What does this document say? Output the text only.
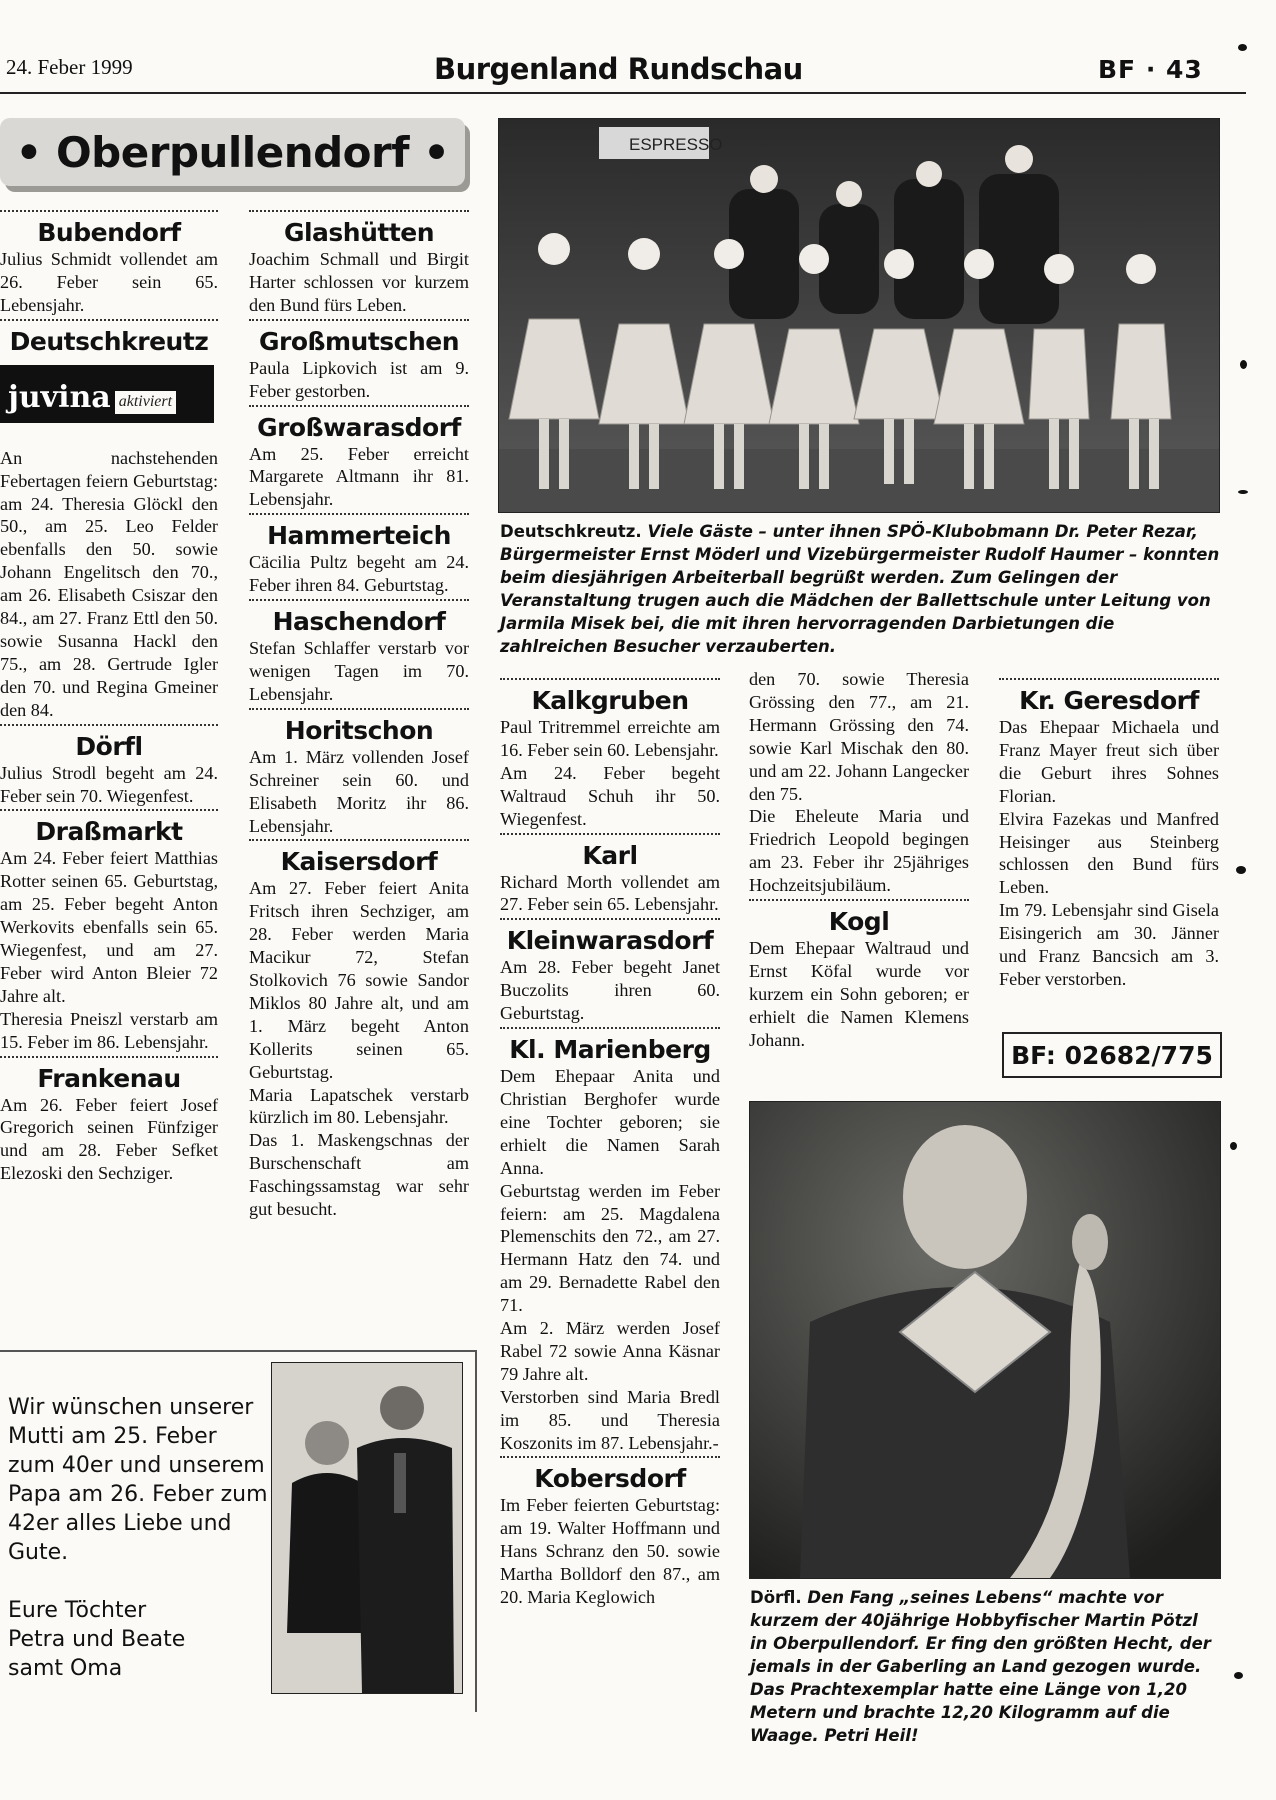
24. Feber 1999	Burgenland Rundschau	BF · 43
• Oberpullendorf •
Bubendorf

Julius Schmidt vollendet am 26. Feber sein 65. Lebensjahr.

Deutschkreutz
juvina aktiviert

An nachstehenden Febertagen feiern Geburtstag: am 24. Theresia Glöckl den 50., am 25. Leo Felder ebenfalls den 50. sowie Johann Engelitsch den 70., am 26. Elisabeth Csiszar den 84., am 27. Franz Ettl den 50. sowie Susanna Hackl den 75., am 28. Gertrude Igler den 70. und Regina Gmeiner den 84.

Dörfl

Julius Strodl begeht am 24. Feber sein 70. Wiegenfest.

Draßmarkt

Am 24. Feber feiert Matthias Rotter seinen 65. Geburtstag, am 25. Feber begeht Anton Werkovits ebenfalls sein 65. Wiegenfest, und am 27. Feber wird Anton Bleier 72 Jahre alt.

Theresia Pneiszl verstarb am 15. Feber im 86. Lebensjahr.

Frankenau

Am 26. Feber feiert Josef Gregorich seinen Fünfziger und am 28. Feber Sefket Elezoski den Sechziger.

Glashütten

Joachim Schmall und Birgit Harter schlossen vor kurzem den Bund fürs Leben.

Großmutschen

Paula Lipkovich ist am 9. Feber gestorben.

Großwarasdorf

Am 25. Feber erreicht Margarete Altmann ihr 81. Lebensjahr.

Hammerteich

Cäcilia Pultz begeht am 24. Feber ihren 84. Geburtstag.

Haschendorf

Stefan Schlaffer verstarb vor wenigen Tagen im 70. Lebensjahr.

Horitschon

Am 1. März vollenden Josef Schreiner sein 60. und Elisabeth Moritz ihr 86. Lebensjahr.

Kaisersdorf

Am 27. Feber feiert Anita Fritsch ihren Sechziger, am 28. Feber werden Maria Macikur 72, Stefan Stolkovich 76 sowie Sandor Miklos 80 Jahre alt, und am 1. März begeht Anton Kollerits seinen 65. Geburtstag.

Maria Lapatschek verstarb kürzlich im 80. Lebensjahr.

Das 1. Maskengschnas der Burschenschaft am Faschingssamstag war sehr gut besucht.

ESPRESSO
Deutschkreutz. Viele Gäste – unter ihnen SPÖ-Klubobmann Dr. Peter Rezar, Bürgermeister Ernst Möderl und Vizebürgermeister Rudolf Haumer – konnten beim diesjährigen Arbeiterball begrüßt werden. Zum Gelingen der Veranstaltung trugen auch die Mädchen der Ballettschule unter Leitung von Jarmila Misek bei, die mit ihren hervorragenden Darbietungen die zahlreichen Besucher verzauberten.
Kalkgruben

Paul Tritremmel erreichte am 16. Feber sein 60. Lebensjahr.

Am 24. Feber begeht Waltraud Schuh ihr 50. Wiegenfest.

Karl

Richard Morth vollendet am 27. Feber sein 65. Lebensjahr.

Kleinwarasdorf

Am 28. Feber begeht Janet Buczolits ihren 60. Geburtstag.

Kl. Marienberg

Dem Ehepaar Anita und Christian Berghofer wurde eine Tochter geboren; sie erhielt die Namen Sarah Anna.

Geburtstag werden im Feber feiern: am 25. Magdalena Plemenschits den 72., am 27. Hermann Hatz den 74. und am 29. Bernadette Rabel den 71.

Am 2. März werden Josef Rabel 72 sowie Anna Käsnar 79 Jahre alt.

Verstorben sind Maria Bredl im 85. und Theresia Koszonits im 87. Lebensjahr.-

Kobersdorf

Im Feber feierten Geburtstag: am 19. Walter Hoffmann und Hans Schranz den 50. sowie Martha Bolldorf den 87., am 20. Maria Keglowich

den 70. sowie Theresia Grössing den 77., am 21. Hermann Grössing den 74. sowie Karl Mischak den 80. und am 22. Johann Langecker den 75.

Die Eheleute Maria und Friedrich Leopold begingen am 23. Feber ihr 25jähriges Hochzeitsjubiläum.

Kogl

Dem Ehepaar Waltraud und Ernst Köfal wurde vor kurzem ein Sohn geboren; er erhielt die Namen Klemens Johann.

Kr. Geresdorf

Das Ehepaar Michaela und Franz Mayer freut sich über die Geburt ihres Sohnes Florian.

Elvira Fazekas und Manfred Heisinger aus Steinberg schlossen den Bund fürs Leben.

Im 79. Lebensjahr sind Gisela Eisingerich am 30. Jänner und Franz Bancsich am 3. Feber verstorben.

BF: 02682/775
Dörfl. Den Fang „seines Lebens“ machte vor kurzem der 40jährige Hobbyfischer Martin Pötzl in Oberpullendorf. Er fing den größten Hecht, der jemals in der Gaberling an Land gezogen wurde. Das Prachtexemplar hatte eine Länge von 1,20 Metern und brachte 12,20 Kilogramm auf die Waage. Petri Heil!
Wir wünschen unserer Mutti am 25. Feber zum 40er und unserem Papa am 26. Feber zum 42er alles Liebe und Gute.
Eure Töchter
Petra und Beate
samt Oma
